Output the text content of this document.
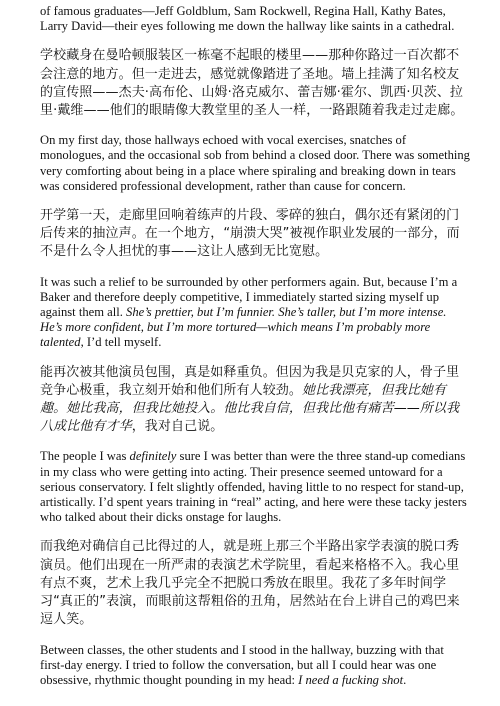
of famous graduates—Jeff Goldblum, Sam Rockwell, Regina Hall, Kathy Bates, Larry David—their eyes following me down the hallway like saints in a cathedral.

学校藏身在曼哈顿服装区一栋毫不起眼的楼里——那种你路过一百次都不会注意的地方。但一走进去，感觉就像踏进了圣地。墙上挂满了知名校友的宣传照——杰夫·高布伦、山姆·洛克威尔、蕾吉娜·霍尔、凯西·贝茨、拉里·戴维——他们的眼睛像大教堂里的圣人一样，一路跟随着我走过走廊。

On my first day, those hallways echoed with vocal exercises, snatches of monologues, and the occasional sob from behind a closed door. There was something very comforting about being in a place where spiraling and breaking down in tears was considered professional development, rather than cause for concern.

开学第一天，走廊里回响着练声的片段、零碎的独白，偶尔还有紧闭的门后传来的抽泣声。在一个地方，“崩溃大哭”被视作职业发展的一部分，而不是什么令人担忧的事——这让人感到无比宽慰。

It was such a relief to be surrounded by other performers again. But, because I’m a Baker and therefore deeply competitive, I immediately started sizing myself up against them all. She’s prettier, but I’m funnier. She’s taller, but I’m more intense. He’s more confident, but I’m more tortured—which means I’m probably more talented, I’d tell myself.

能再次被其他演员包围，真是如释重负。但因为我是贝克家的人，骨子里竞争心极重，我立刻开始和他们所有人较劲。她比我漂亮，但我比她有趣。她比我高，但我比她投入。他比我自信，但我比他有痛苦——所以我八成比他有才华，我对自己说。

The people I was definitely sure I was better than were the three stand-up comedians in my class who were getting into acting. Their presence seemed untoward for a serious conservatory. I felt slightly offended, having little to no respect for stand-up, artistically. I’d spent years training in “real” acting, and here were these tacky jesters who talked about their dicks onstage for laughs.

而我绝对确信自己比得过的人，就是班上那三个半路出家学表演的脱口秀演员。他们出现在一所严肃的表演艺术学院里，看起来格格不入。我心里有点不爽，艺术上我几乎完全不把脱口秀放在眼里。我花了多年时间学习“真正的”表演，而眼前这帮粗俗的丑角，居然站在台上讲自己的鸡巴来逗人笑。

Between classes, the other students and I stood in the hallway, buzzing with that first-day energy. I tried to follow the conversation, but all I could hear was one obsessive, rhythmic thought pounding in my head: I need a fucking shot.
